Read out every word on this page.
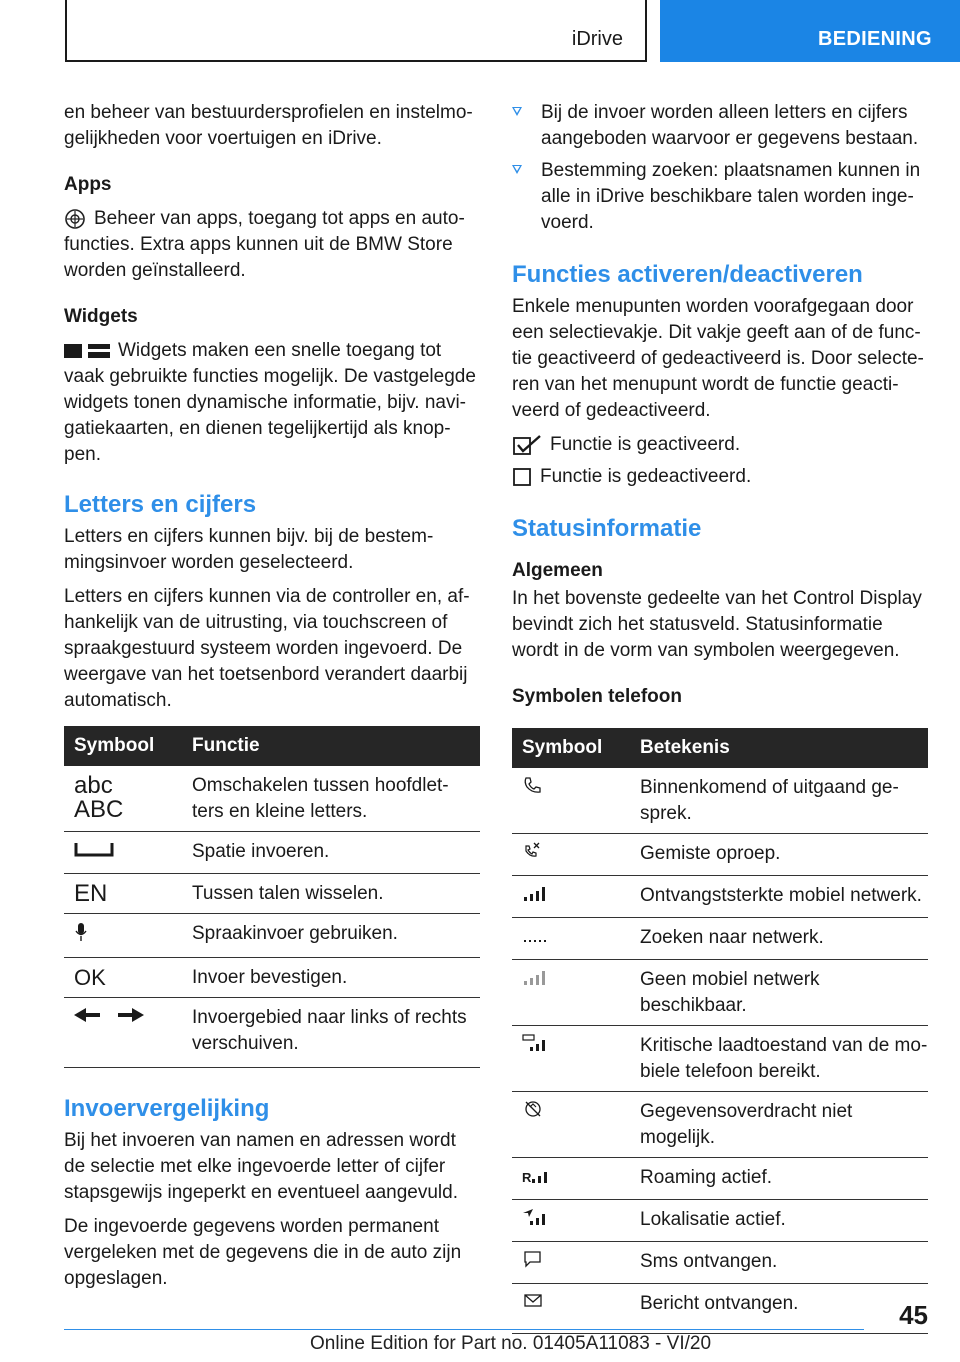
iDrive	BEDIENING

en beheer van bestuurdersprofielen en instelmo-gelijkheden voor voertuigen en iDrive.

Apps

Beheer van apps, toegang tot apps en auto-functies. Extra apps kunnen uit de BMW Store worden geïnstalleerd.

Widgets

Widgets maken een snelle toegang tot vaak gebruikte functies mogelijk. De vastgelegde widgets tonen dynamische informatie, bijv. navi-gatiekaarten, en dienen tegelijkertijd als knop-pen.

Letters en cijfers

Letters en cijfers kunnen bijv. bij de bestem-mingsinvoer worden geselecteerd.

Letters en cijfers kunnen via de controller en, af-hankelijk van de uitrusting, via touchscreen of spraakgestuurd systeem worden ingevoerd. De weergave van het toetsenbord verandert daarbij automatisch.

Symbool	Functie
abc
ABC	Omschakelen tussen hoofdlet-ters en kleine letters.
	Spatie invoeren.
EN	Tussen talen wisselen.
	Spraakinvoer gebruiken.
OK	Invoer bevestigen.
	Invoergebied naar links of rechts verschuiven.
Invoervergelijking

Bij het invoeren van namen en adressen wordt de selectie met elke ingevoerde letter of cijfer stapsgewijs ingeperkt en eventueel aangevuld.

De ingevoerde gegevens worden permanent vergeleken met de gegevens die in de auto zijn opgeslagen.

Bij de invoer worden alleen letters en cijfers aangeboden waarvoor er gegevens bestaan.
Bestemming zoeken: plaatsnamen kunnen in alle in iDrive beschikbare talen worden inge-voerd.
Functies activeren/deactiveren

Enkele menupunten worden voorafgegaan door een selectievakje. Dit vakje geeft aan of de func-tie geactiveerd of gedeactiveerd is. Door selecte-ren van het menupunt wordt de functie geacti-veerd of gedeactiveerd.

Functie is geactiveerd.
Functie is gedeactiveerd.
Statusinformatie

Algemeen

In het bovenste gedeelte van het Control Display bevindt zich het statusveld. Statusinformatie wordt in de vorm van symbolen weergegeven.

Symbolen telefoon

Symbool	Betekenis
	Binnenkomend of uitgaand ge-sprek.
	Gemiste oproep.
	Ontvangststerkte mobiel netwerk.
	Zoeken naar netwerk.
	Geen mobiel netwerk beschikbaar.
	Kritische laadtoestand van de mo-biele telefoon bereikt.
	Gegevensoverdracht niet mogelijk.
$^R$	Roaming actief.
	Lokalisatie actief.
	Sms ontvangen.
	Bericht ontvangen.	45
Online Edition for Part no. 01405A11083 - VI/20
